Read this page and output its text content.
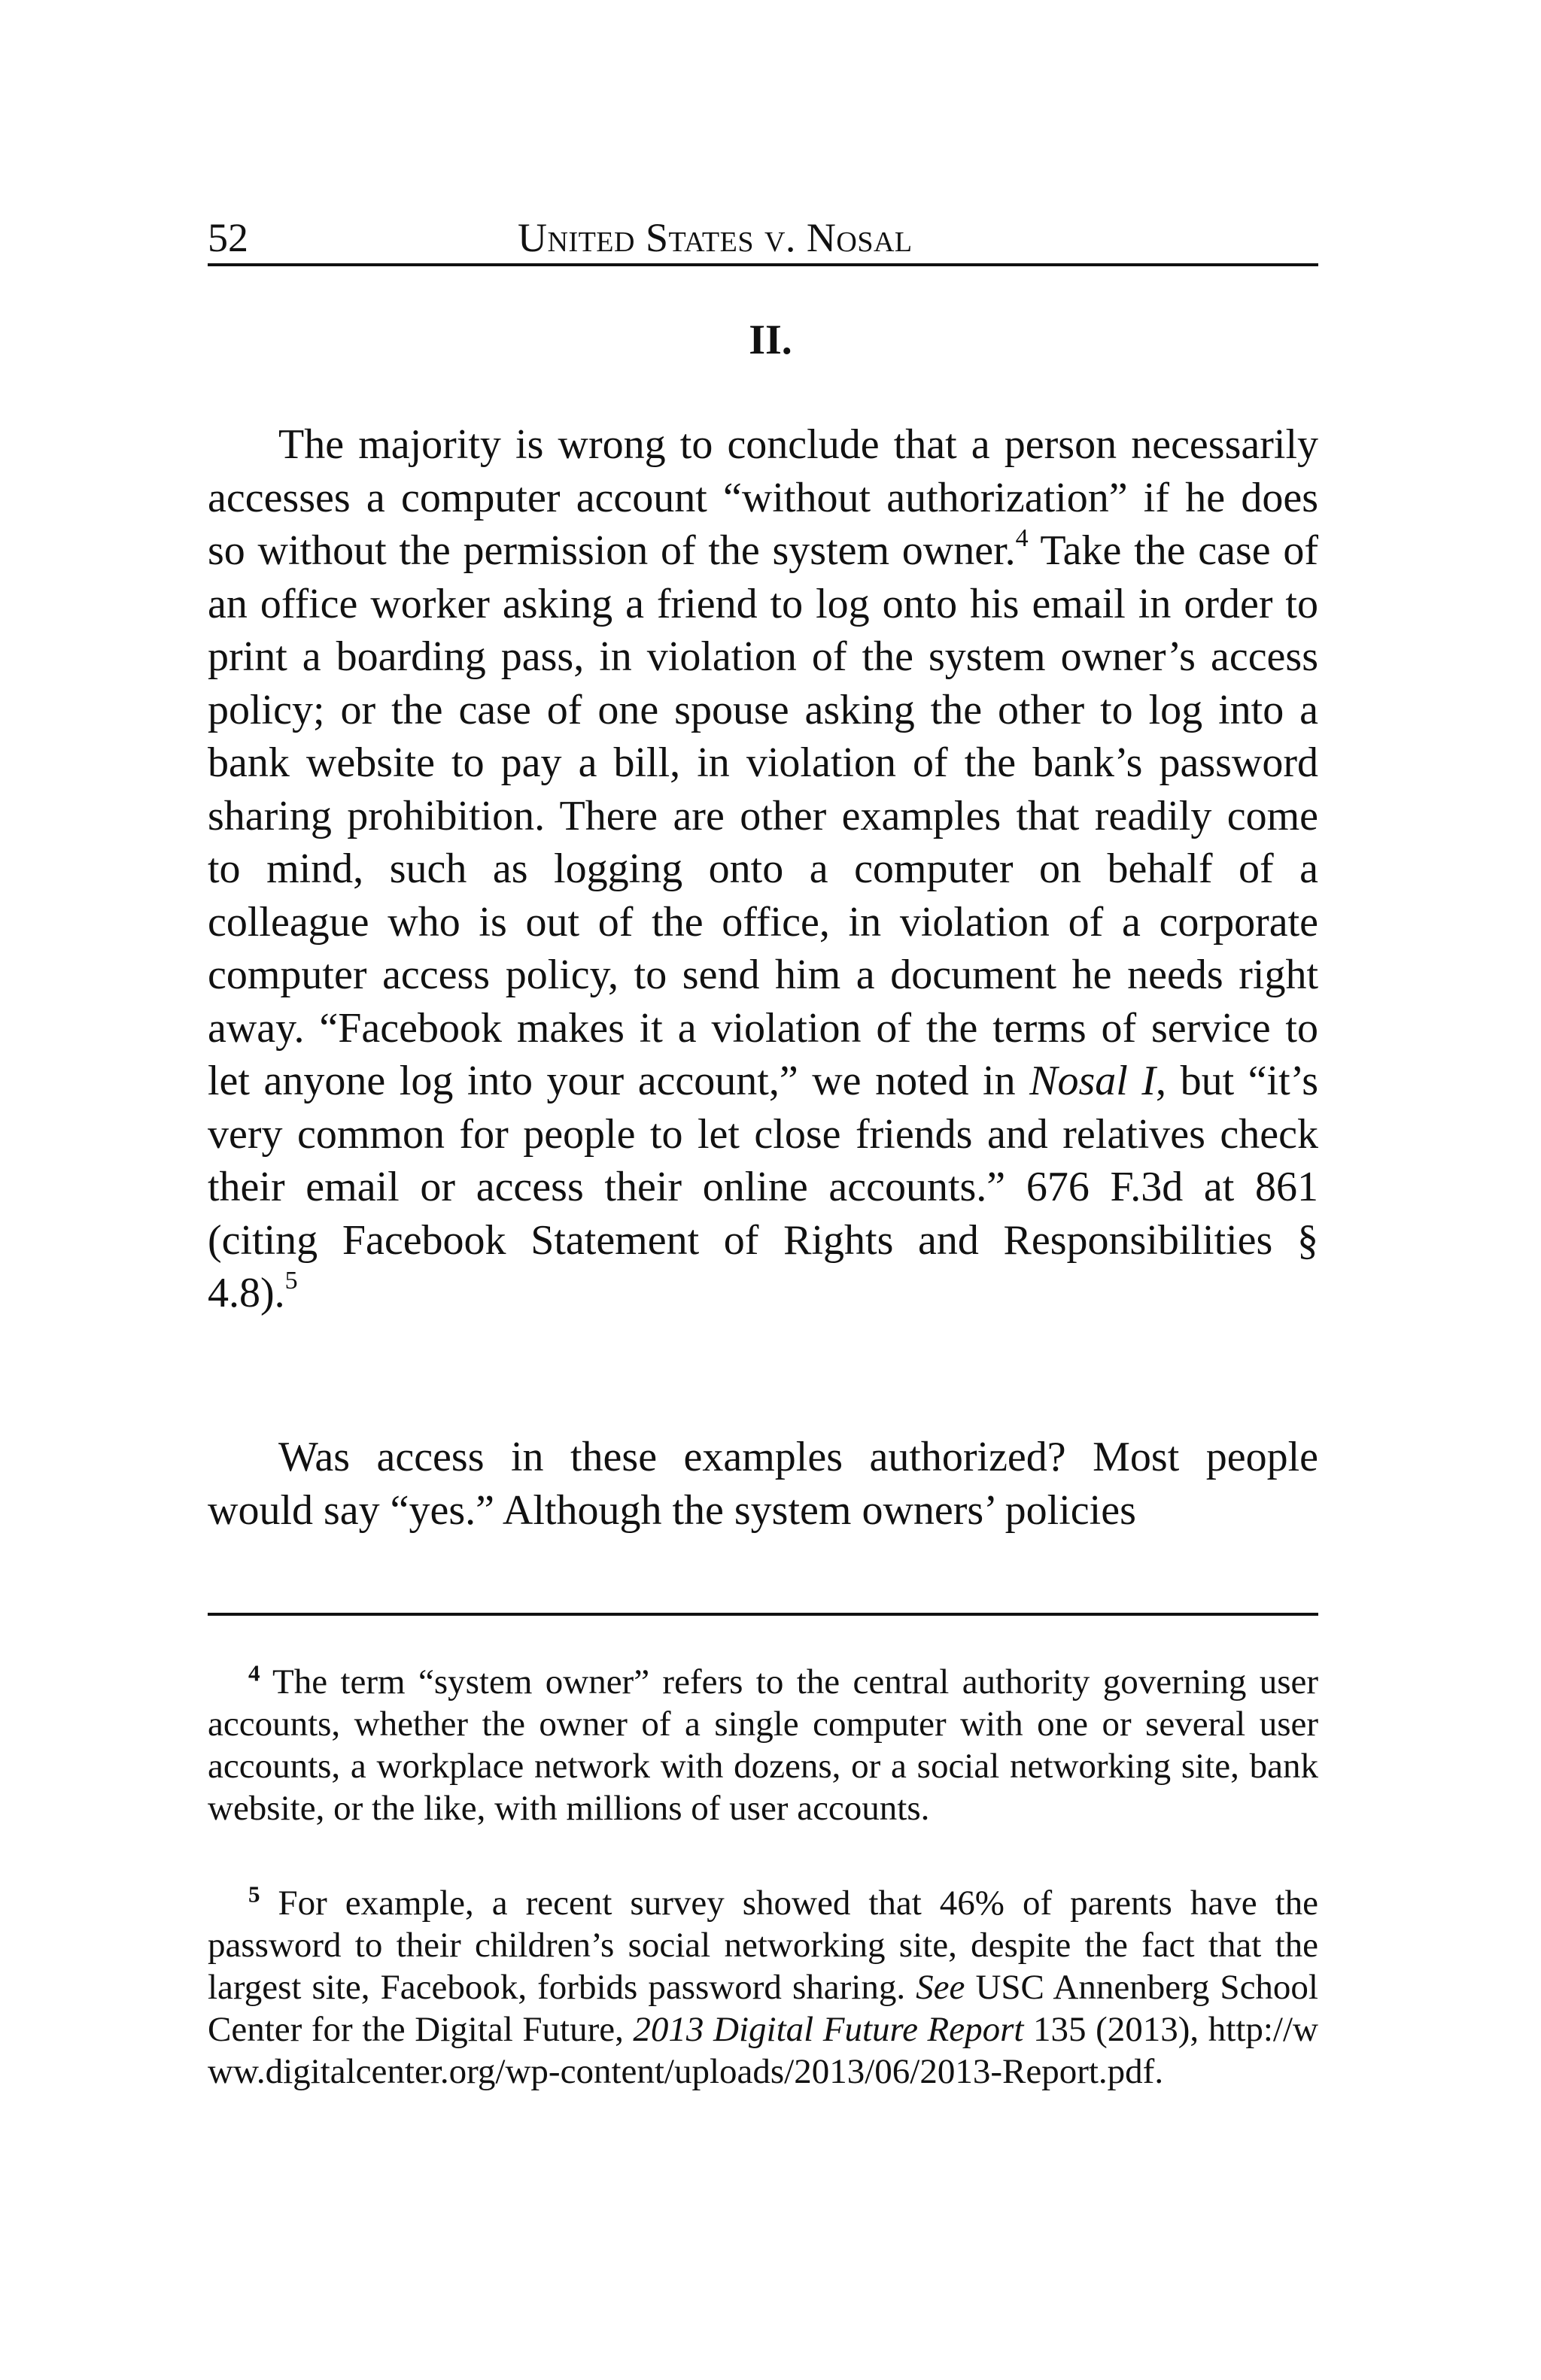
52	United States v. Nosal
II.

The majority is wrong to conclude that a person necessarily accesses a computer account “without authorization” if he does so without the permission of the system owner.$^4$ Take the case of an office worker asking a friend to log onto his email in order to print a boarding pass, in violation of the system owner’s access policy; or the case of one spouse asking the other to log into a bank website to pay a bill, in violation of the bank’s password sharing prohibition. There are other examples that readily come to mind, such as logging onto a computer on behalf of a colleague who is out of the office, in violation of a corporate computer access policy, to send him a document he needs right away. “Facebook makes it a violation of the terms of service to let anyone log into your account,” we noted in Nosal I, but “it’s very common for people to let close friends and relatives check their email or access their online accounts.” 676 F.3d at 861 (citing Facebook Statement of Rights and Responsibilities § 4.8).$^5$

Was access in these examples authorized? Most people would say “yes.” Although the system owners’ policies

$^4$ The term “system owner” refers to the central authority governing user accounts, whether the owner of a single computer with one or several user accounts, a workplace network with dozens, or a social networking site, bank website, or the like, with millions of user accounts.

$^5$ For example, a recent survey showed that 46% of parents have the password to their children’s social networking site, despite the fact that the largest site, Facebook, forbids password sharing. See USC Annenberg School Center for the Digital Future, 2013 Digital Future Report 135 (2013), http://www.digitalcenter.org/wp-content/uploads/2013/06/2013-Report.pdf.
